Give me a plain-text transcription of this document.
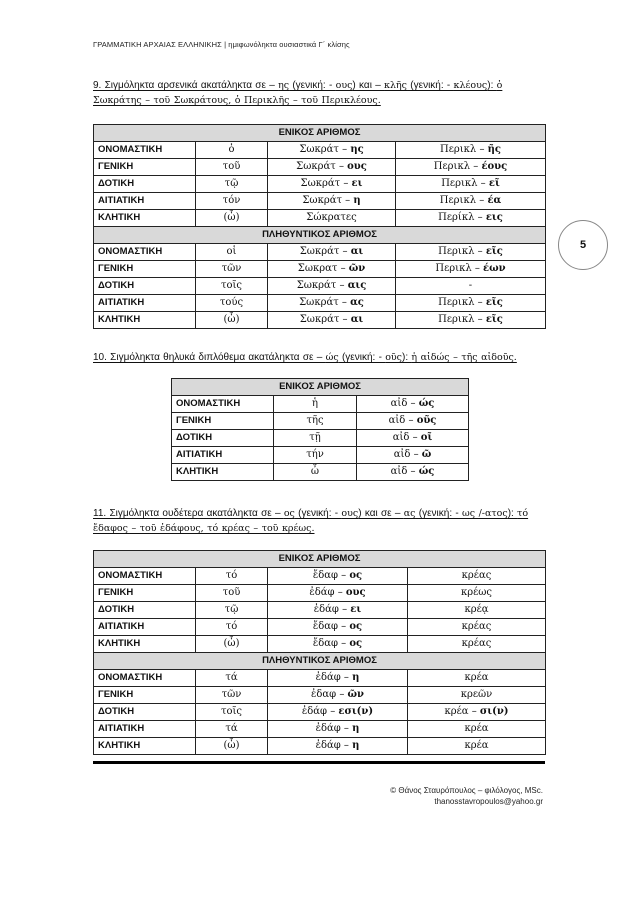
ΓΡΑΜΜΑΤΙΚΗ ΑΡΧΑΙΑΣ ΕΛΛΗΝΙΚΗΣ | ημιφωνόληκτα ουσιαστικά Γ΄ κλίσης
5
9. Σιγμόληκτα αρσενικά ακατάληκτα σε – ης (γενική: - ους) και – κλῆς (γενική: - κλέους): ὁ Σωκράτης – τοῦ Σωκράτους, ὁ Περικλῆς – τοῦ Περικλέους.
ΕΝΙΚΟΣ ΑΡΙΘΜΟΣ			
ΟΝΟΜΑΣΤΙΚΗ	ὁ	Σωκράτ – ης	Περικλ – ῆς
ΓΕΝΙΚΗ	τοῦ	Σωκράτ – ους	Περικλ – έους
ΔΟΤΙΚΗ	τῷ	Σωκράτ – ει	Περικλ – εῖ
ΑΙΤΙΑΤΙΚΗ	τόν	Σωκράτ – η	Περικλ – έα
ΚΛΗΤΙΚΗ	(ὦ)	Σώκρατες	Περίκλ – εις
ΠΛΗΘΥΝΤΙΚΟΣ ΑΡΙΘΜΟΣ			
ΟΝΟΜΑΣΤΙΚΗ	οἱ	Σωκράτ – αι	Περικλ – εῖς
ΓΕΝΙΚΗ	τῶν	Σωκρατ – ῶν	Περικλ – έων
ΔΟΤΙΚΗ	τοῖς	Σωκράτ – αις	-
ΑΙΤΙΑΤΙΚΗ	τούς	Σωκράτ – ας	Περικλ – εῖς
ΚΛΗΤΙΚΗ	(ὦ)	Σωκράτ – αι	Περικλ – εῖς
10. Σιγμόληκτα θηλυκά διπλόθεμα ακατάληκτα σε – ώς (γενική: - οῦς): ἡ αἰδώς – τῆς αἰδοῦς.
ΕΝΙΚΟΣ ΑΡΙΘΜΟΣ		
ΟΝΟΜΑΣΤΙΚΗ	ἡ	αἰδ – ώς
ΓΕΝΙΚΗ	τῆς	αἰδ – οῦς
ΔΟΤΙΚΗ	τῇ	αἰδ – οῖ
ΑΙΤΙΑΤΙΚΗ	τήν	αἰδ – ῶ
ΚΛΗΤΙΚΗ	ὦ	αἰδ – ώς
11. Σιγμόληκτα ουδέτερα ακατάληκτα σε – ος (γενική: - ους) και σε – ας (γενική: - ως /-ατος): τό ἔδαφος – τοῦ ἐδάφους, τό κρέας – τοῦ κρέως.
ΕΝΙΚΟΣ ΑΡΙΘΜΟΣ			
ΟΝΟΜΑΣΤΙΚΗ	τό	ἔδαφ – ος	κρέας
ΓΕΝΙΚΗ	τοῦ	ἐδάφ – ους	κρέως
ΔΟΤΙΚΗ	τῷ	ἐδάφ – ει	κρέᾳ
ΑΙΤΙΑΤΙΚΗ	τό	ἔδαφ – ος	κρέας
ΚΛΗΤΙΚΗ	(ὦ)	ἔδαφ – ος	κρέας
ΠΛΗΘΥΝΤΙΚΟΣ ΑΡΙΘΜΟΣ			
ΟΝΟΜΑΣΤΙΚΗ	τά	ἐδάφ – η	κρέα
ΓΕΝΙΚΗ	τῶν	ἐδαφ – ῶν	κρεῶν
ΔΟΤΙΚΗ	τοῖς	ἐδάφ – εσι(ν)	κρέα – σι(ν)
ΑΙΤΙΑΤΙΚΗ	τά	ἐδάφ – η	κρέα
ΚΛΗΤΙΚΗ	(ὦ)	ἐδάφ – η	κρέα
© Θάνος Σταυρόπουλος – φιλόλογος, MSc.
thanosstavropoulos@yahoo.gr
